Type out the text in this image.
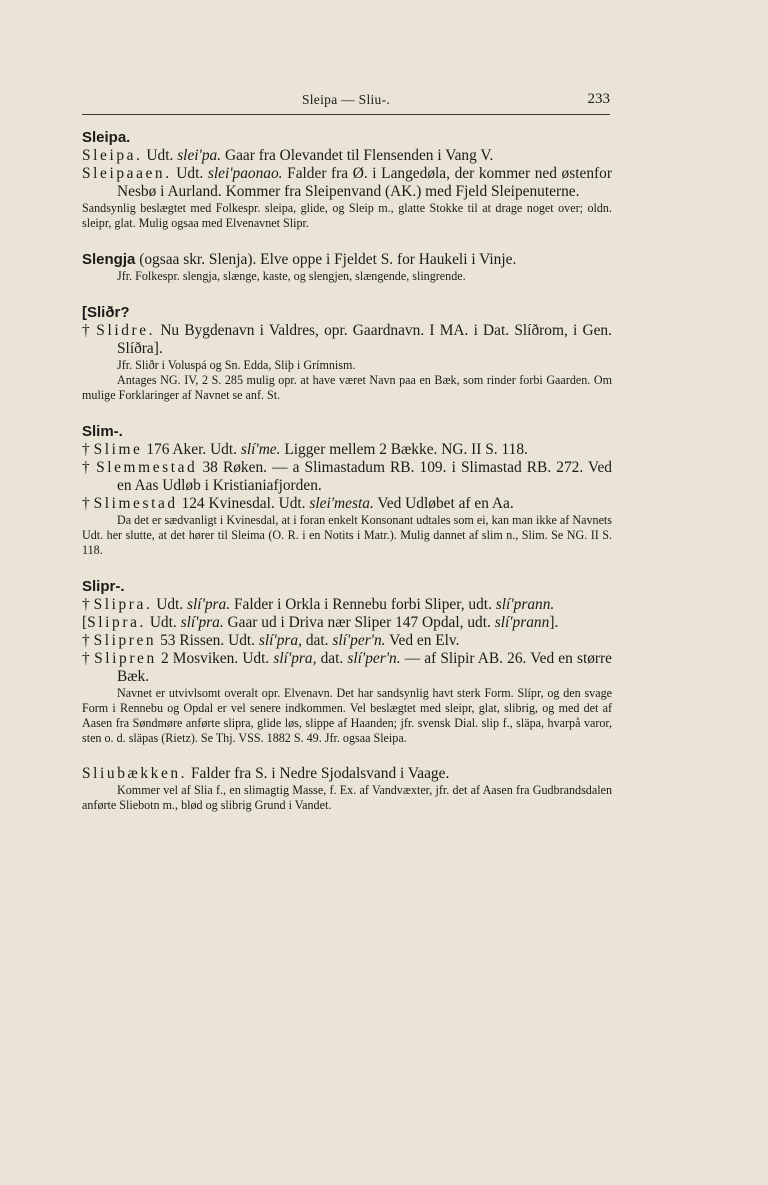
Sleipa — Sliu-.	233

Sleipa.

Sleipa. Udt. slei'pa. Gaar fra Olevandet til Flensenden i Vang V.

Sleipaaen. Udt. slei'paonao. Falder fra Ø. i Langedøla, der kommer ned østenfor Nesbø i Aurland. Kommer fra Sleipenvand (AK.) med Fjeld Sleipenuterne.

Sandsynlig beslægtet med Folkespr. sleipa, glide, og Sleip m., glatte Stokke til at drage noget over; oldn. sleipr, glat. Mulig ogsaa med Elvenavnet Slipr.

Slengja (ogsaa skr. Slenja). Elve oppe i Fjeldet S. for Haukeli i Vinje.

Jfr. Folkespr. slengja, slænge, kaste, og slengjen, slængende, slingrende.

[Sliðr?

† Slidre. Nu Bygdenavn i Valdres, opr. Gaardnavn. I MA. i Dat. Slíðrom, i Gen. Slíðra].

Jfr. Sliðr i Voluspá og Sn. Edda, Sliþ i Grímnism.

Antages NG. IV, 2 S. 285 mulig opr. at have været Navn paa en Bæk, som rinder forbi Gaarden. Om mulige Forklaringer af Navnet se anf. St.

Slim-.

† Slime 176 Aker. Udt. slí'me. Ligger mellem 2 Bække. NG. II S. 118.

† Slemmestad 38 Røken. — a Slimastadum RB. 109. i Slimastad RB. 272. Ved en Aas Udløb i Kristianiafjorden.

† Slimestad 124 Kvinesdal. Udt. slei'mesta. Ved Udløbet af en Aa.

Da det er sædvanligt i Kvinesdal, at i foran enkelt Konsonant udtales som ei, kan man ikke af Navnets Udt. her slutte, at det hører til Sleima (O. R. i en Notits i Matr.). Mulig dannet af slim n., Slim. Se NG. II S. 118.

Slipr-.

† Slipra. Udt. slí'pra. Falder i Orkla i Rennebu forbi Sliper, udt. slí'prann.

[Slipra. Udt. slí'pra. Gaar ud i Driva nær Sliper 147 Opdal, udt. slí'prann].

† Slipren 53 Rissen. Udt. slí'pra, dat. slí'per'n. Ved en Elv.

† Slipren 2 Mosviken. Udt. slí'pra, dat. slí'per'n. — af Slipir AB. 26. Ved en større Bæk.

Navnet er utvivlsomt overalt opr. Elvenavn. Det har sandsynlig havt sterk Form. Slípr, og den svage Form i Rennebu og Opdal er vel senere indkommen. Vel beslægtet med sleipr, glat, slibrig, og med det af Aasen fra Søndmøre anførte slipra, glide løs, slippe af Haanden; jfr. svensk Dial. slip f., släpa, hvarpå varor, sten o. d. släpas (Rietz). Se Thj. VSS. 1882 S. 49. Jfr. ogsaa Sleipa.

Sliubækken. Falder fra S. i Nedre Sjodalsvand i Vaage.

Kommer vel af Slia f., en slimagtig Masse, f. Ex. af Vandvæxter, jfr. det af Aasen fra Gudbrandsdalen anførte Sliebotn m., blød og slibrig Grund i Vandet.
